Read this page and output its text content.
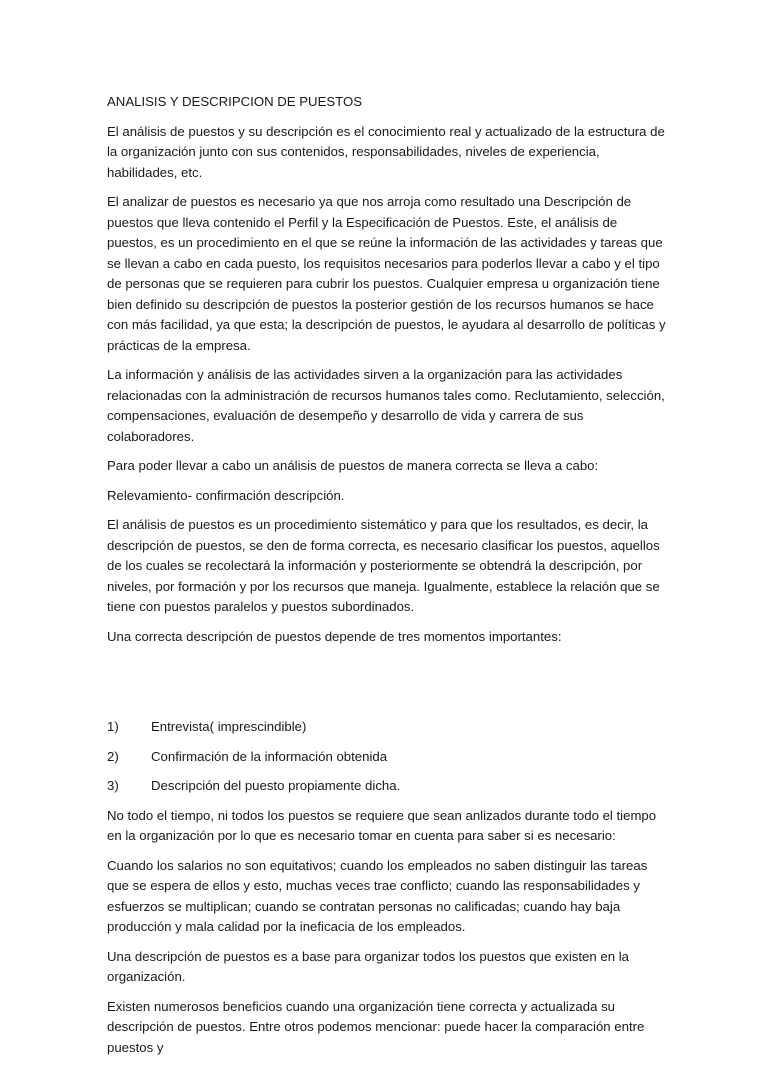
ANALISIS Y DESCRIPCION DE PUESTOS

El análisis de puestos y su descripción es el conocimiento real y actualizado de la estructura de la organización junto con sus contenidos, responsabilidades, niveles de experiencia, habilidades, etc.

El analizar de puestos es necesario ya que nos arroja como resultado una Descripción de puestos que lleva contenido el Perfil y la Especificación de Puestos. Este, el análisis de puestos, es un procedimiento en el que se reúne la información de las actividades y tareas que se llevan a cabo en cada puesto, los requisitos necesarios para poderlos llevar a cabo y el tipo de personas que se requieren para cubrir los puestos. Cualquier empresa u organización tiene bien definido su descripción de puestos la posterior gestión de los recursos humanos se hace con más facilidad, ya que esta; la descripción de puestos, le ayudara al desarrollo de políticas y prácticas de la empresa.

La información y análisis de las actividades sirven a la organización para las actividades relacionadas con la administración de recursos humanos tales como. Reclutamiento, selección, compensaciones, evaluación de desempeño y desarrollo de vida y carrera de sus colaboradores.

Para poder llevar a cabo un análisis de puestos de manera correcta se lleva a cabo:

Relevamiento- confirmación descripción.

El análisis de puestos es un procedimiento sistemático y para que los resultados, es decir, la descripción de puestos, se den de forma correcta, es necesario clasificar los puestos, aquellos de los cuales se recolectará la información y posteriormente se obtendrá la descripción, por niveles, por formación y por los recursos que maneja. Igualmente, establece la relación que se tiene con puestos paralelos y puestos subordinados.

Una correcta descripción de puestos depende de tres momentos importantes:

1)	Entrevista( imprescindible)
2)	Confirmación de la información obtenida
3)	Descripción del puesto propiamente dicha.

No todo el tiempo, ni todos los puestos se requiere que sean anlizados durante todo el tiempo en la organización por lo que es necesario tomar en cuenta para saber si es necesario:

Cuando los salarios no son equitativos; cuando los empleados no saben distinguir las tareas que se espera de ellos y esto, muchas veces trae conflicto; cuando las responsabilidades y esfuerzos se multiplican; cuando se contratan personas no calificadas; cuando hay baja producción y mala calidad por la ineficacia de los empleados.

Una descripción de puestos es a base para organizar todos los puestos que existen en la organización.

Existen numerosos beneficios cuando una organización tiene correcta y actualizada su descripción de puestos. Entre otros podemos mencionar: puede hacer la comparación entre puestos y
